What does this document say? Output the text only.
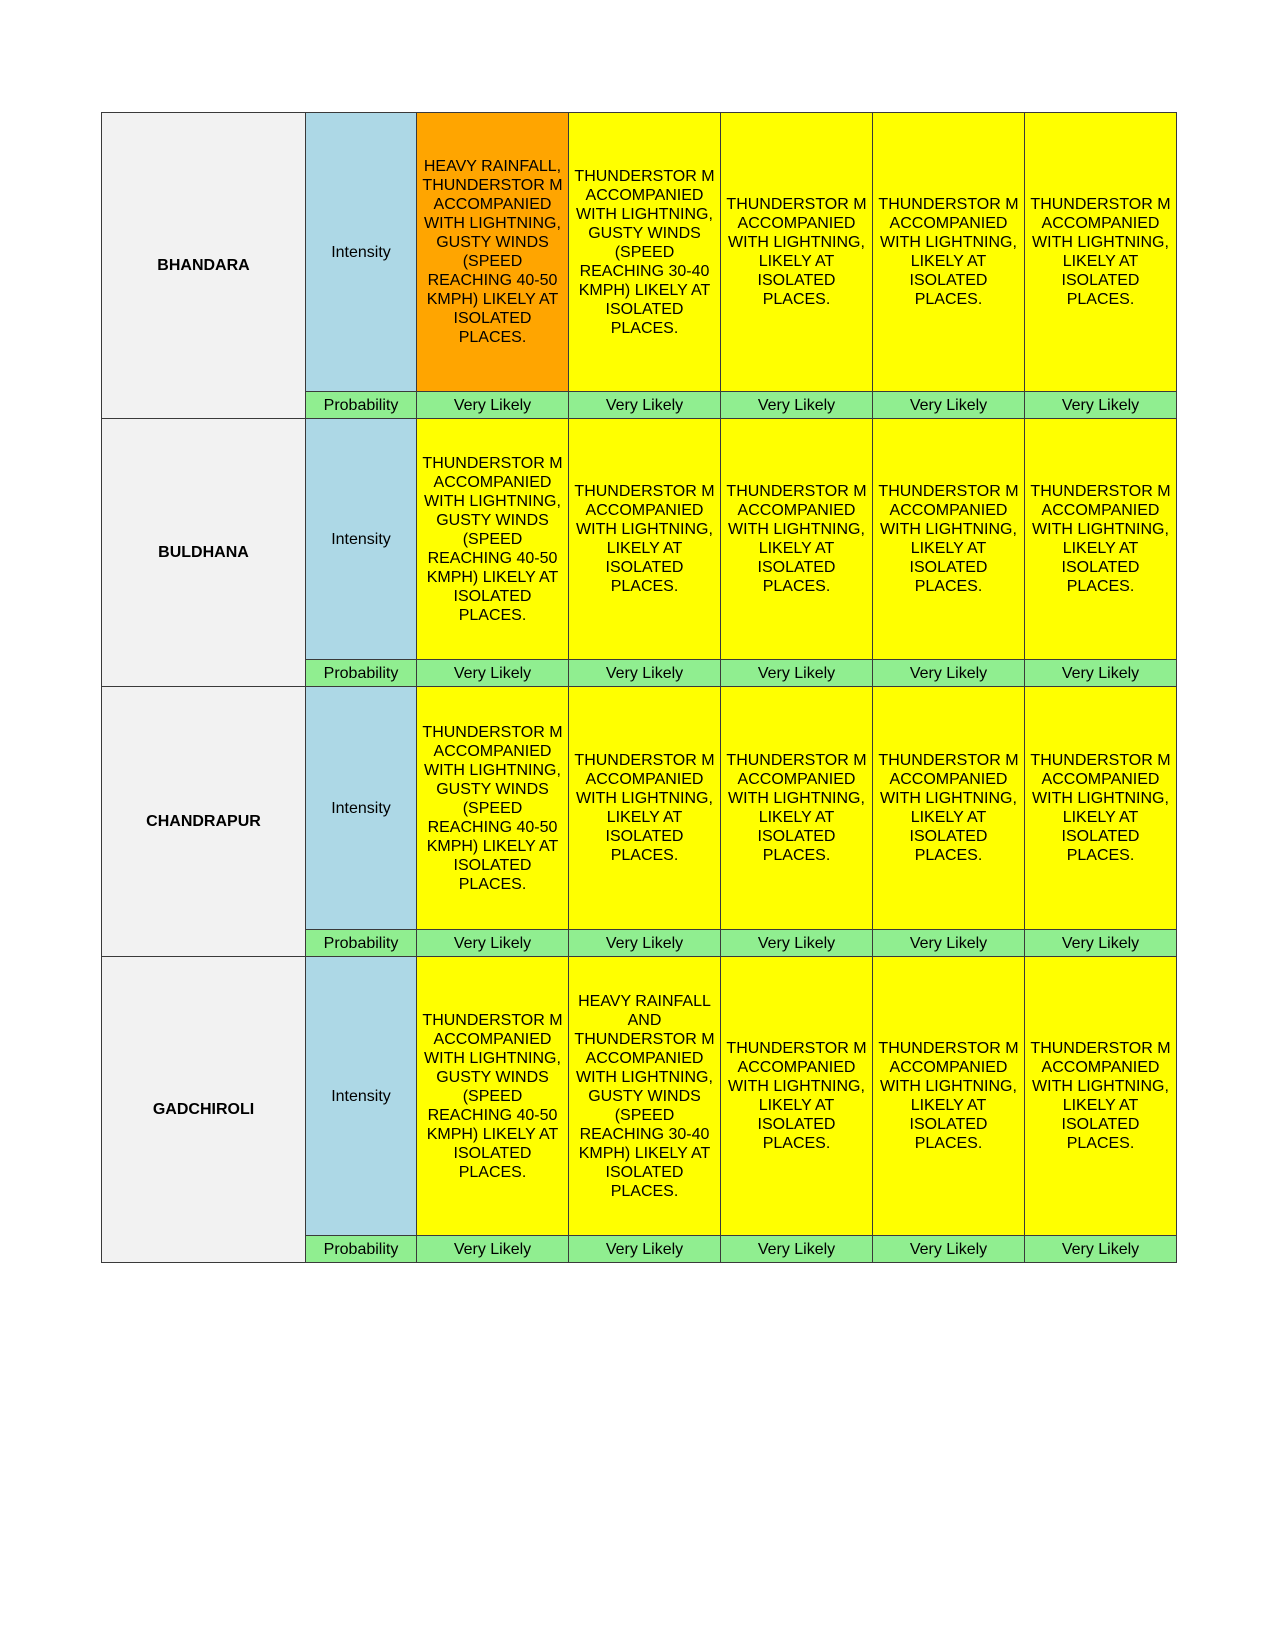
BHANDARA	Intensity	HEAVY RAINFALL, THUNDERSTOR M ACCOMPANIED WITH LIGHTNING, GUSTY WINDS (SPEED REACHING 40-50 KMPH) LIKELY AT ISOLATED PLACES.	THUNDERSTOR M ACCOMPANIED WITH LIGHTNING, GUSTY WINDS (SPEED REACHING 30-40 KMPH) LIKELY AT ISOLATED PLACES.	THUNDERSTOR M ACCOMPANIED WITH LIGHTNING, LIKELY AT ISOLATED PLACES.	THUNDERSTOR M ACCOMPANIED WITH LIGHTNING, LIKELY AT ISOLATED PLACES.	THUNDERSTOR M ACCOMPANIED WITH LIGHTNING, LIKELY AT ISOLATED PLACES.
	Probability	Very Likely	Very Likely	Very Likely	Very Likely	Very Likely
BULDHANA	Intensity	THUNDERSTOR M ACCOMPANIED WITH LIGHTNING, GUSTY WINDS (SPEED REACHING 40-50 KMPH) LIKELY AT ISOLATED PLACES.	THUNDERSTOR M ACCOMPANIED WITH LIGHTNING, LIKELY AT ISOLATED PLACES.	THUNDERSTOR M ACCOMPANIED WITH LIGHTNING, LIKELY AT ISOLATED PLACES.	THUNDERSTOR M ACCOMPANIED WITH LIGHTNING, LIKELY AT ISOLATED PLACES.	THUNDERSTOR M ACCOMPANIED WITH LIGHTNING, LIKELY AT ISOLATED PLACES.
	Probability	Very Likely	Very Likely	Very Likely	Very Likely	Very Likely
CHANDRAPUR	Intensity	THUNDERSTOR M ACCOMPANIED WITH LIGHTNING, GUSTY WINDS (SPEED REACHING 40-50 KMPH) LIKELY AT ISOLATED PLACES.	THUNDERSTOR M ACCOMPANIED WITH LIGHTNING, LIKELY AT ISOLATED PLACES.	THUNDERSTOR M ACCOMPANIED WITH LIGHTNING, LIKELY AT ISOLATED PLACES.	THUNDERSTOR M ACCOMPANIED WITH LIGHTNING, LIKELY AT ISOLATED PLACES.	THUNDERSTOR M ACCOMPANIED WITH LIGHTNING, LIKELY AT ISOLATED PLACES.
	Probability	Very Likely	Very Likely	Very Likely	Very Likely	Very Likely
GADCHIROLI	Intensity	THUNDERSTOR M ACCOMPANIED WITH LIGHTNING, GUSTY WINDS (SPEED REACHING 40-50 KMPH) LIKELY AT ISOLATED PLACES.	HEAVY RAINFALL AND THUNDERSTOR M ACCOMPANIED WITH LIGHTNING, GUSTY WINDS (SPEED REACHING 30-40 KMPH) LIKELY AT ISOLATED PLACES.	THUNDERSTOR M ACCOMPANIED WITH LIGHTNING, LIKELY AT ISOLATED PLACES.	THUNDERSTOR M ACCOMPANIED WITH LIGHTNING, LIKELY AT ISOLATED PLACES.	THUNDERSTOR M ACCOMPANIED WITH LIGHTNING, LIKELY AT ISOLATED PLACES.
	Probability	Very Likely	Very Likely	Very Likely	Very Likely	Very Likely
